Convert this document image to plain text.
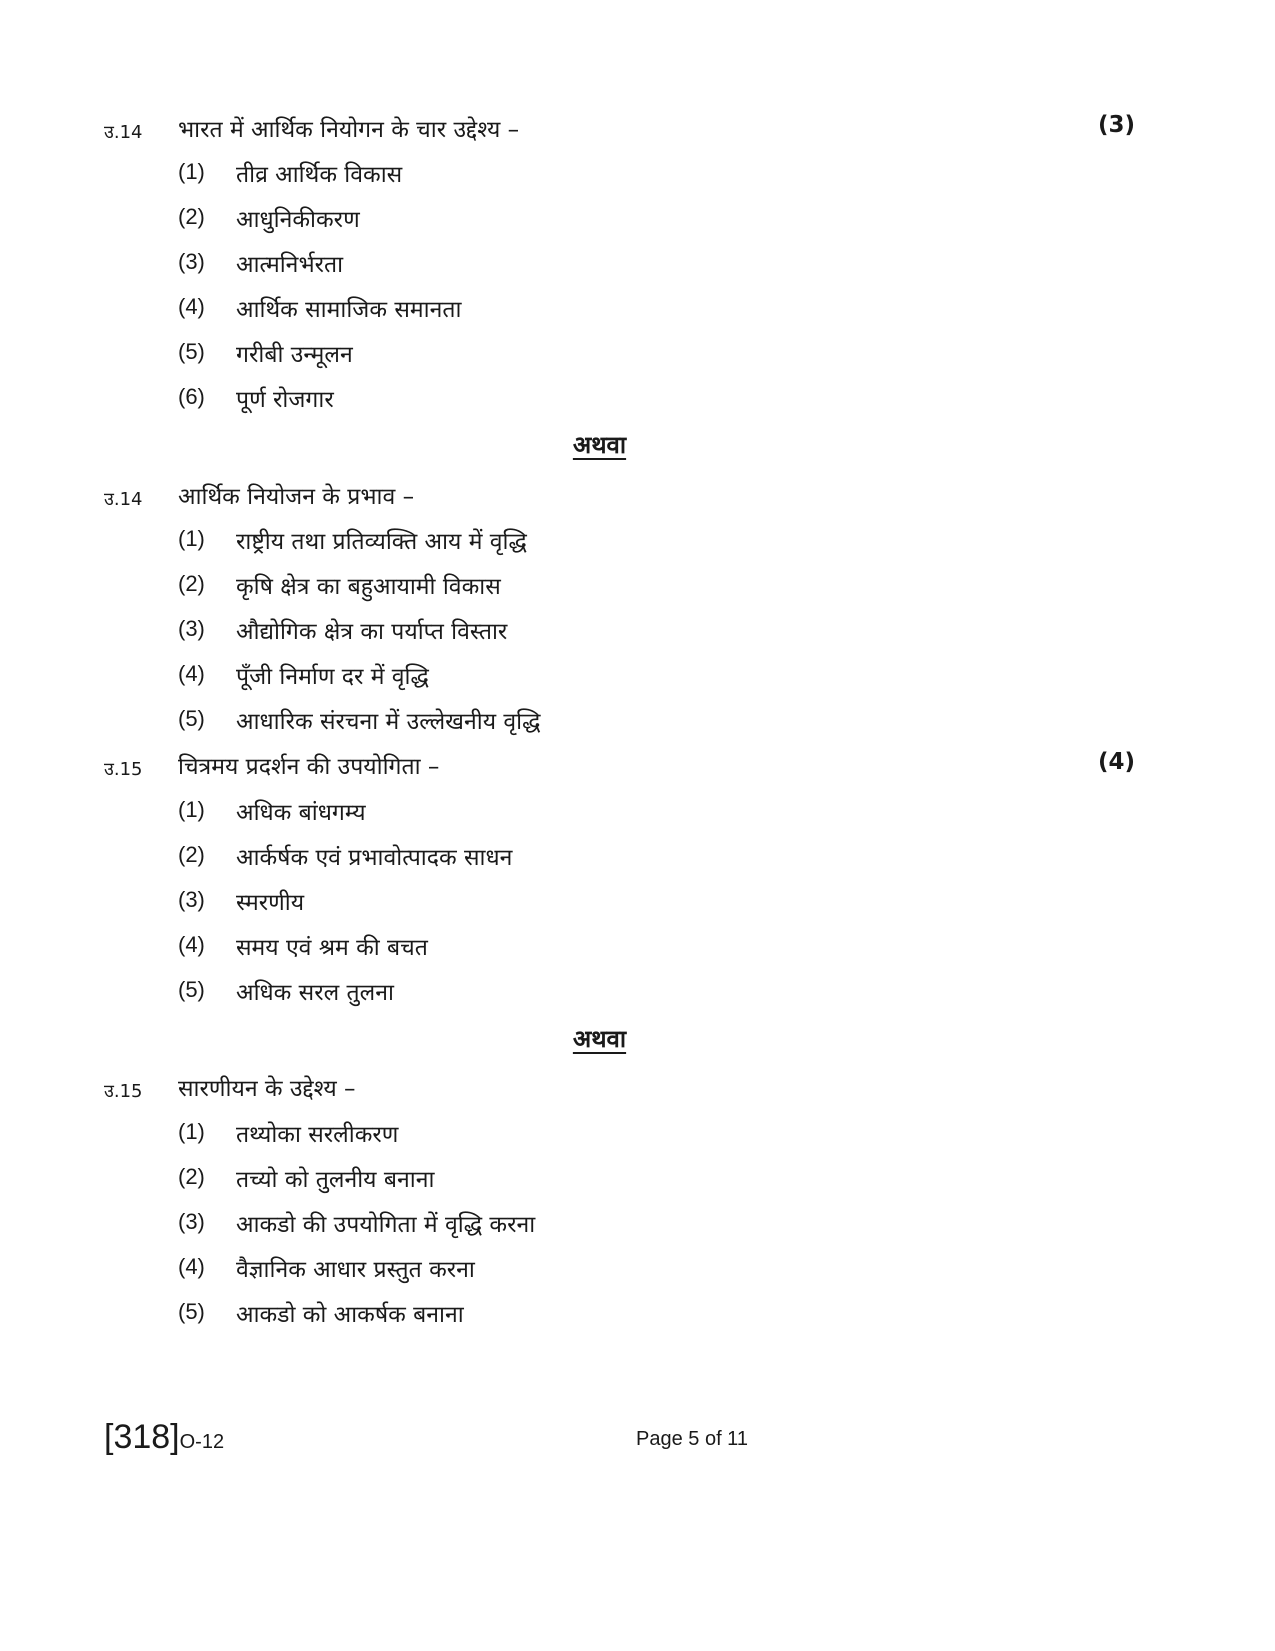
उ.14 भारत में आर्थिक नियोगन के चार उद्देश्य –	(3)
(1) तीव्र आर्थिक विकास
(2) आधुनिकीकरण
(3) आत्मनिर्भरता
(4) आर्थिक सामाजिक समानता
(5) गरीबी उन्मूलन
(6) पूर्ण रोजगार
अथवा
उ.14 आर्थिक नियोजन के प्रभाव –
(1) राष्ट्रीय तथा प्रतिव्यक्ति आय में वृद्धि
(2) कृषि क्षेत्र का बहुआयामी विकास
(3) औद्योगिक क्षेत्र का पर्याप्त विस्तार
(4) पूँजी निर्माण दर में वृद्धि
(5) आधारिक संरचना में उल्लेखनीय वृद्धि
उ.15 चित्रमय प्रदर्शन की उपयोगिता –	(4)
(1) अधिक बांधगम्य
(2) आर्कर्षक एवं प्रभावोत्पादक साधन
(3) स्मरणीय
(4) समय एवं श्रम की बचत
(5) अधिक सरल तुलना
अथवा
उ.15 सारणीयन के उद्देश्य –
(1) तथ्योका सरलीकरण
(2) तच्यो को तुलनीय बनाना
(3) आकडो की उपयोगिता में वृद्धि करना
(4) वैज्ञानिक आधार प्रस्तुत करना
(5) आकडो को आकर्षक बनाना
[318]O-12	Page 5 of 11
